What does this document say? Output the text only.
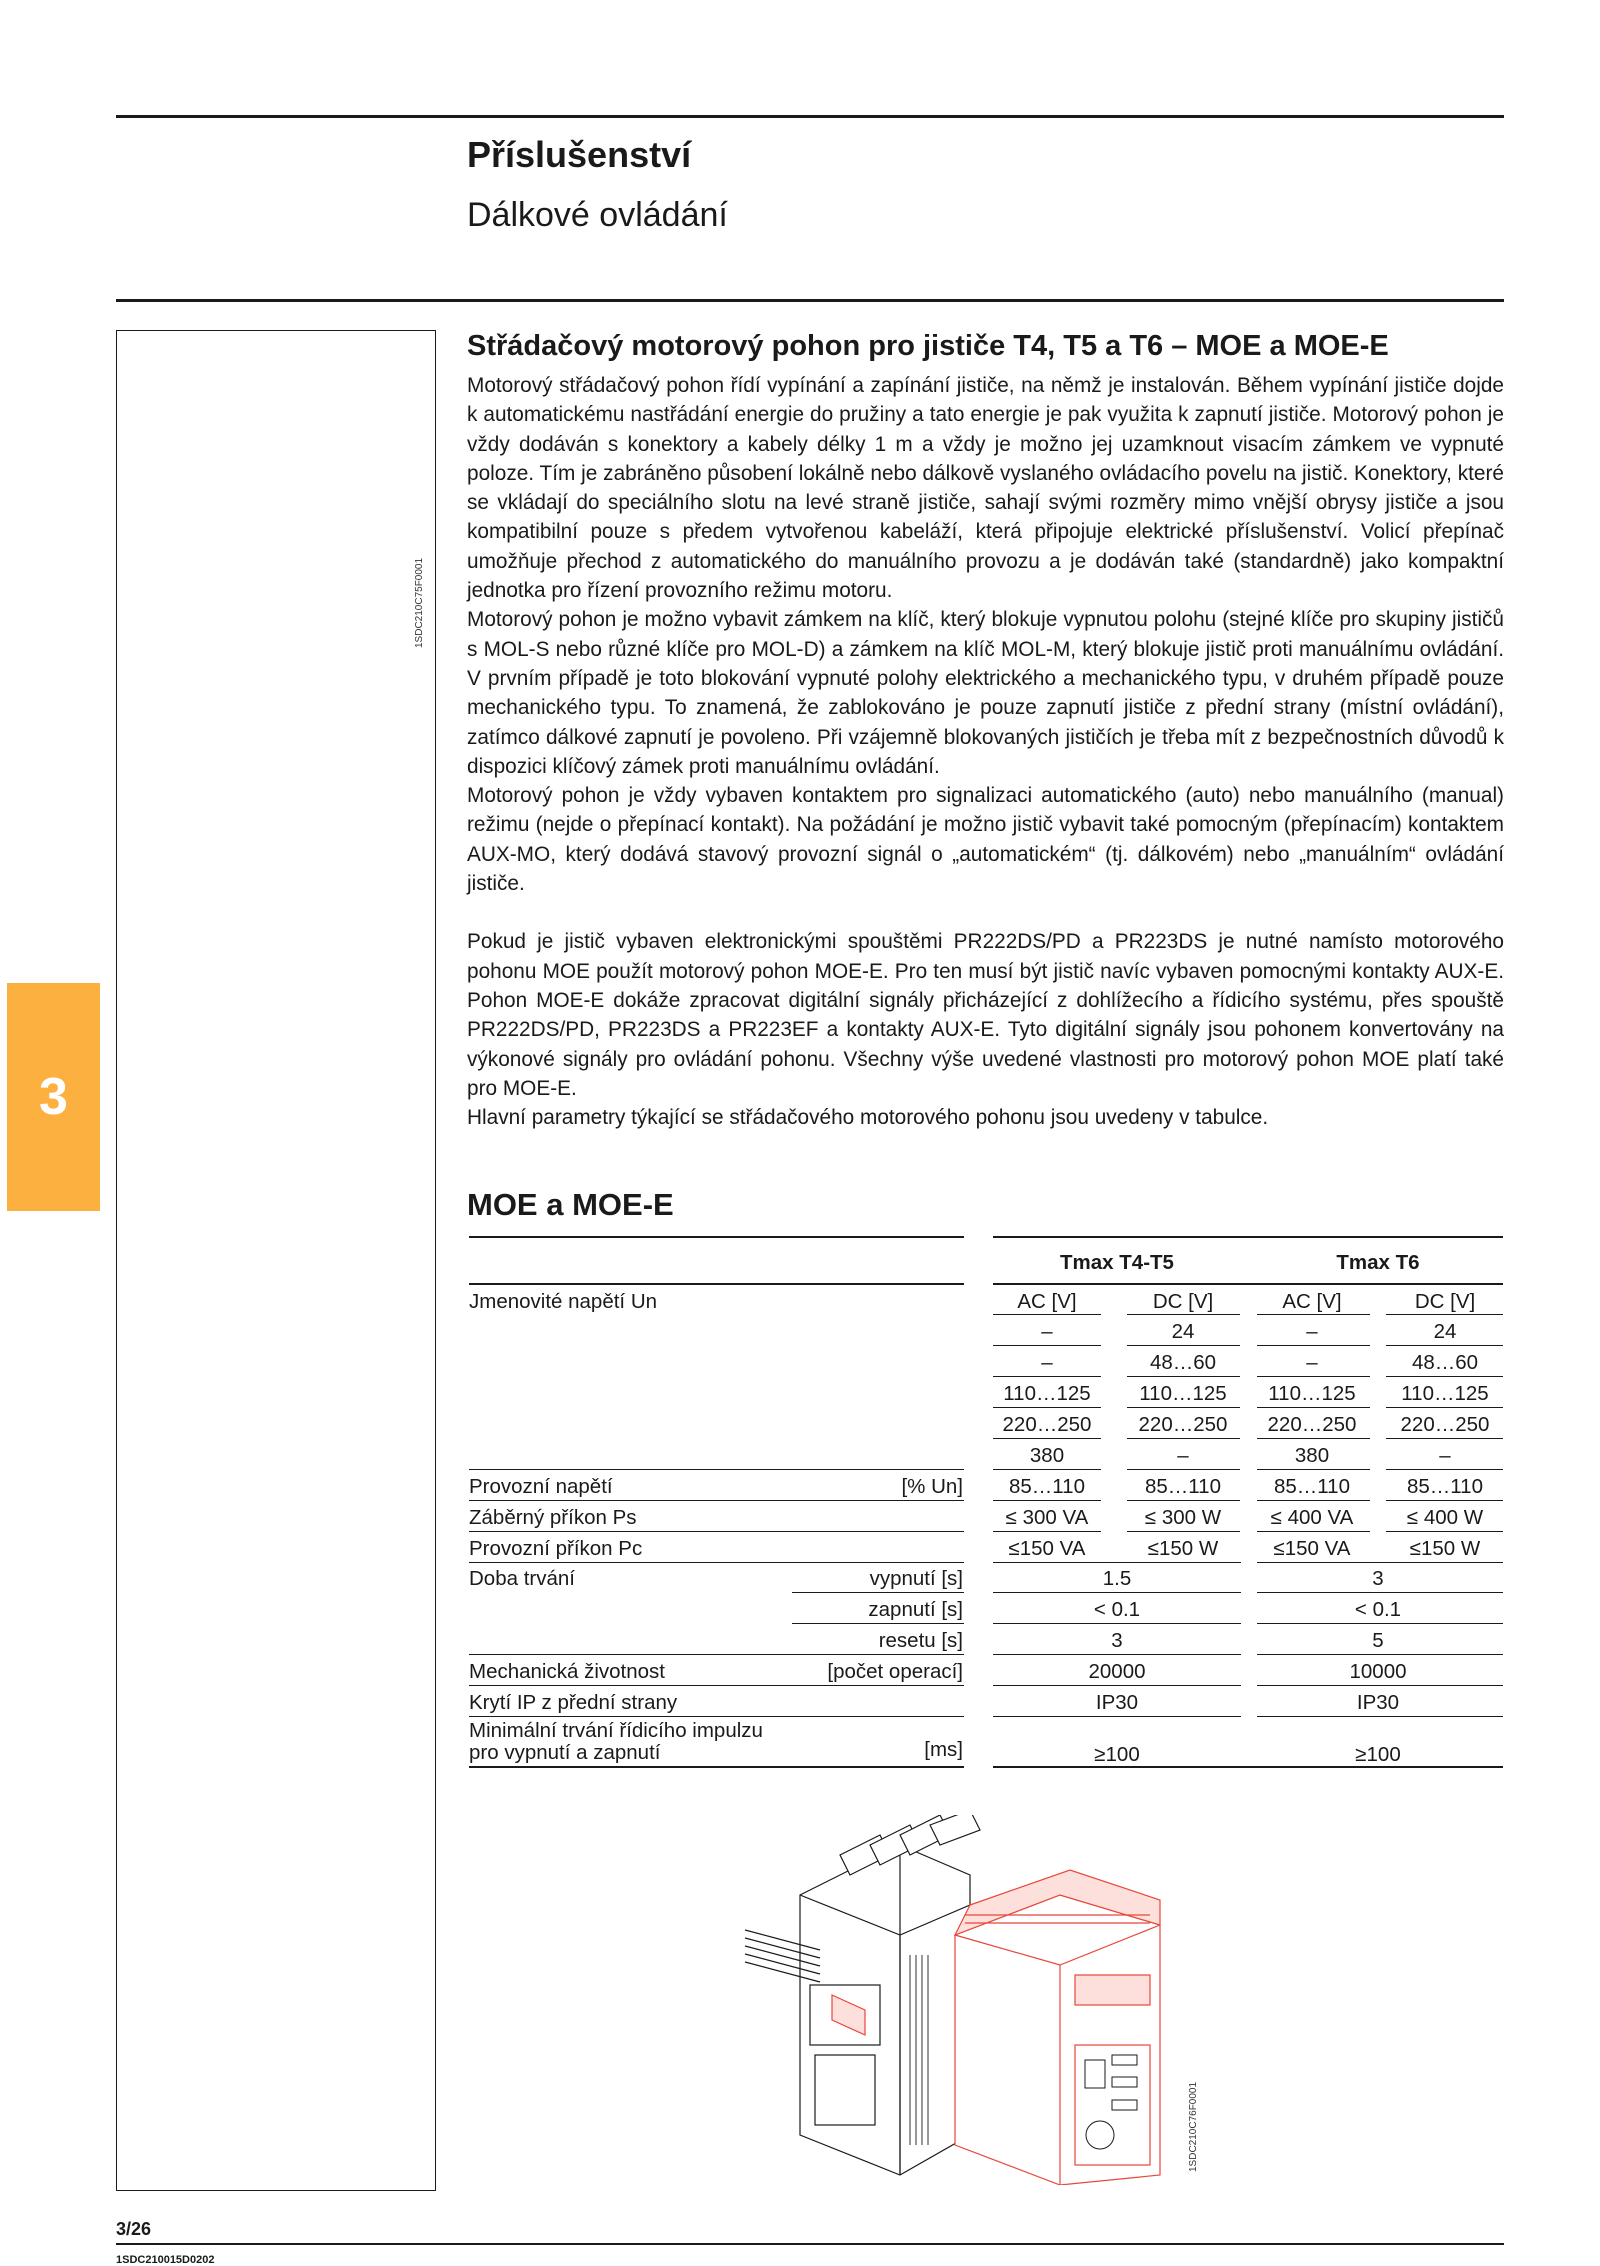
Příslušenství
Dálkové ovládání
1SDC210C75F0001
3
Střádačový motorový pohon pro jističe T4, T5 a T6 – MOE a MOE-E

Motorový střádačový pohon řídí vypínání a zapínání jističe, na němž je instalován. Během vypínání jističe dojde k automatickému nastřádání energie do pružiny a tato energie je pak využita k zapnutí jističe. Motorový pohon je vždy dodáván s konektory a kabely délky 1 m a vždy je možno jej uzamknout visacím zámkem ve vypnuté poloze. Tím je zabráněno působení lokálně nebo dálkově vyslaného ovládacího povelu na jistič. Konektory, které se vkládají do speciálního slotu na levé straně jističe, sahají svými rozměry mimo vnější obrysy jističe a jsou kompatibilní pouze s předem vytvořenou kabeláží, která připojuje elektrické příslušenství. Volicí přepínač umožňuje přechod z automatického do manuálního provozu a je dodáván také (standardně) jako kompaktní jednotka pro řízení provozního režimu motoru.

Motorový pohon je možno vybavit zámkem na klíč, který blokuje vypnutou polohu (stejné klíče pro skupiny jističů s MOL-S nebo různé klíče pro MOL-D) a zámkem na klíč MOL-M, který blokuje jistič proti manuálnímu ovládání. V prvním případě je toto blokování vypnuté polohy elektrického a mechanického typu, v druhém případě pouze mechanického typu. To znamená, že zablokováno je pouze zapnutí jističe z přední strany (místní ovládání), zatímco dálkové zapnutí je povoleno. Při vzájemně blokovaných jističích je třeba mít z bezpečnostních důvodů k dispozici klíčový zámek proti manuálnímu ovládání.

Motorový pohon je vždy vybaven kontaktem pro signalizaci automatického (auto) nebo manuálního (manual) režimu (nejde o přepínací kontakt). Na požádání je možno jistič vybavit také pomocným (přepínacím) kontaktem AUX-MO, který dodává stavový provozní signál o „automatickém“ (tj. dálkovém) nebo „manuálním“ ovládání jističe.

Pokud je jistič vybaven elektronickými spouštěmi PR222DS/PD a PR223DS je nutné namísto motorového pohonu MOE použít motorový pohon MOE-E. Pro ten musí být jistič navíc vybaven pomocnými kontakty AUX-E. Pohon MOE-E dokáže zpracovat digitální signály přicházející z dohlížecího a řídicího systému, přes spouště PR222DS/PD, PR223DS a PR223EF a kontakty AUX-E. Tyto digitální signály jsou pohonem konvertovány na výkonové signály pro ovládání pohonu. Všechny výše uvedené vlastnosti pro motorový pohon MOE platí také pro MOE-E.

Hlavní parametry týkající se střádačového motorového pohonu jsou uvedeny v tabulce.

MOE a MOE-E
Tmax T4-T5	Tmax T6
Jmenovité napětí Un	AC [V]	DC [V]	AC [V]	DC [V]
–	24	–	24
–	48…60	–	48…60
110…125	110…125	110…125	110…125
220…250	220…250	220…250	220…250
380	–	380	–
Provozní napětí	[% Un]	85…110	85…110	85…110	85…110
Záběrný příkon Ps	≤ 300 VA	≤ 300 W	≤ 400 VA	≤ 400 W
Provozní příkon Pc	≤150 VA	≤150 W	≤150 VA	≤150 W
Doba trvání	vypnutí [s]	1.5	3
zapnutí [s]	< 0.1	< 0.1
resetu [s]	3	5
Mechanická životnost	[počet operací]	20000	10000
Krytí IP z přední strany	IP30	IP30
Minimální trvání řídicího impulzu
pro vypnutí a zapnutí	[ms]	≥100	≥100
1SDC210C76F0001
3/26
1SDC210015D0202
